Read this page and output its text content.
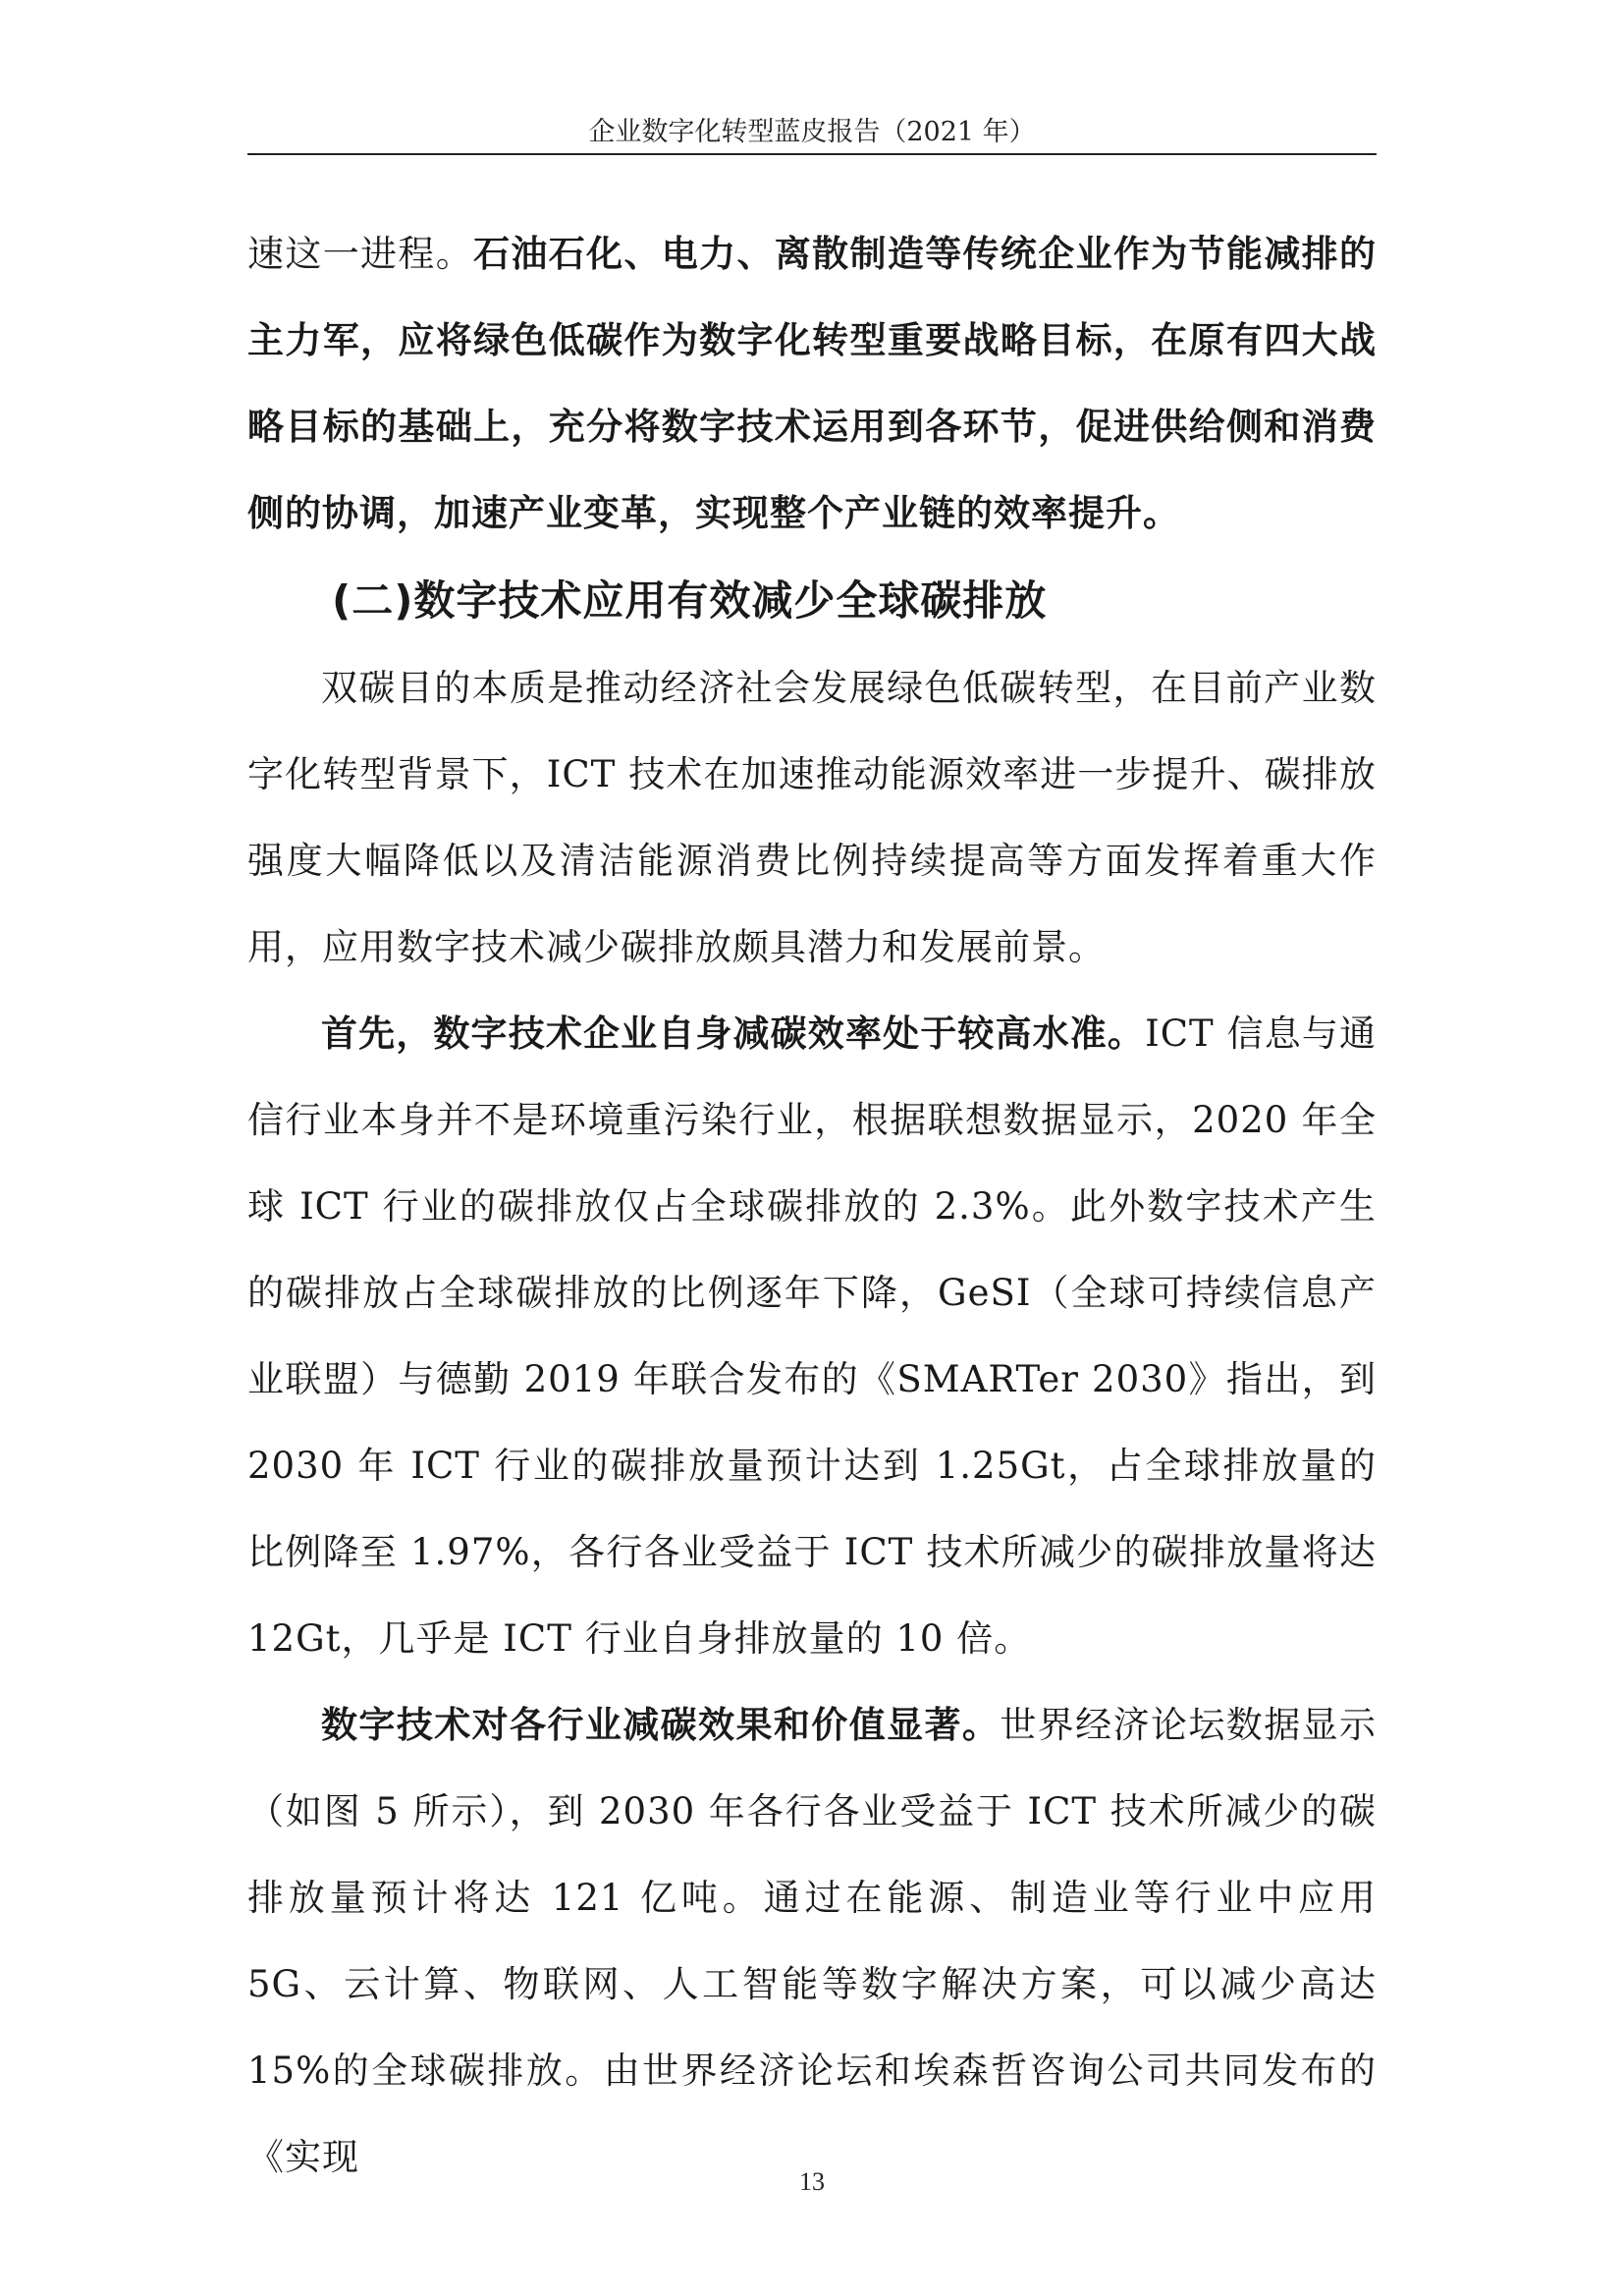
企业数字化转型蓝皮报告（2021 年）

速这一进程。石油石化、电力、离散制造等传统企业作为节能减排的主力军，应将绿色低碳作为数字化转型重要战略目标，在原有四大战略目标的基础上，充分将数字技术运用到各环节，促进供给侧和消费侧的协调，加速产业变革，实现整个产业链的效率提升。

(二)数字技术应用有效减少全球碳排放

双碳目的本质是推动经济社会发展绿色低碳转型，在目前产业数字化转型背景下，ICT 技术在加速推动能源效率进一步提升、碳排放强度大幅降低以及清洁能源消费比例持续提高等方面发挥着重大作用，应用数字技术减少碳排放颇具潜力和发展前景。

首先，数字技术企业自身减碳效率处于较高水准。ICT 信息与通信行业本身并不是环境重污染行业，根据联想数据显示，2020 年全球 ICT 行业的碳排放仅占全球碳排放的 2.3%。此外数字技术产生的碳排放占全球碳排放的比例逐年下降，GeSI（全球可持续信息产业联盟）与德勤 2019 年联合发布的《SMARTer 2030》指出，到 2030 年 ICT 行业的碳排放量预计达到 1.25Gt，占全球排放量的比例降至 1.97%，各行各业受益于 ICT 技术所减少的碳排放量将达 12Gt，几乎是 ICT 行业自身排放量的 10 倍。

数字技术对各行业减碳效果和价值显著。世界经济论坛数据显示（如图 5 所示），到 2030 年各行各业受益于 ICT 技术所减少的碳排放量预计将达 121 亿吨。通过在能源、制造业等行业中应用 5G、云计算、物联网、人工智能等数字解决方案，可以减少高达 15%的全球碳排放。由世界经济论坛和埃森哲咨询公司共同发布的《实现

13
